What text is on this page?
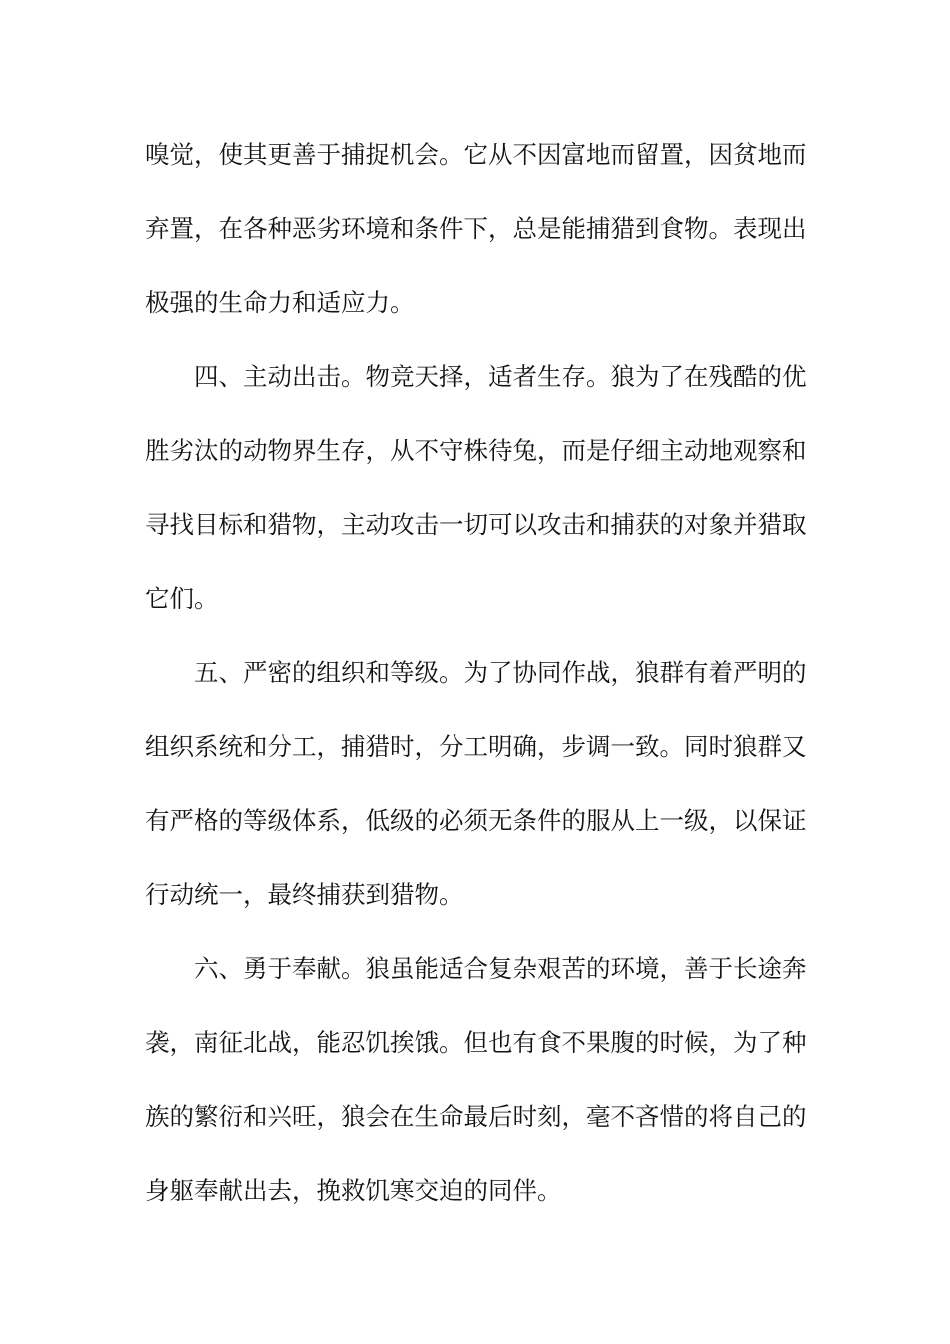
嗅觉，使其更善于捕捉机会。它从不因富地而留置，因贫地而
弃置，在各种恶劣环境和条件下，总是能捕猎到食物。表现出
极强的生命力和适应力。
四、主动出击。物竞天择，适者生存。狼为了在残酷的优
胜劣汰的动物界生存，从不守株待兔，而是仔细主动地观察和
寻找目标和猎物，主动攻击一切可以攻击和捕获的对象并猎取
它们。
五、严密的组织和等级。为了协同作战，狼群有着严明的
组织系统和分工，捕猎时，分工明确，步调一致。同时狼群又
有严格的等级体系，低级的必须无条件的服从上一级，以保证
行动统一，最终捕获到猎物。
六、勇于奉献。狼虽能适合复杂艰苦的环境，善于长途奔
袭，南征北战，能忍饥挨饿。但也有食不果腹的时候，为了种
族的繁衍和兴旺，狼会在生命最后时刻，毫不吝惜的将自己的
身躯奉献出去，挽救饥寒交迫的同伴。
